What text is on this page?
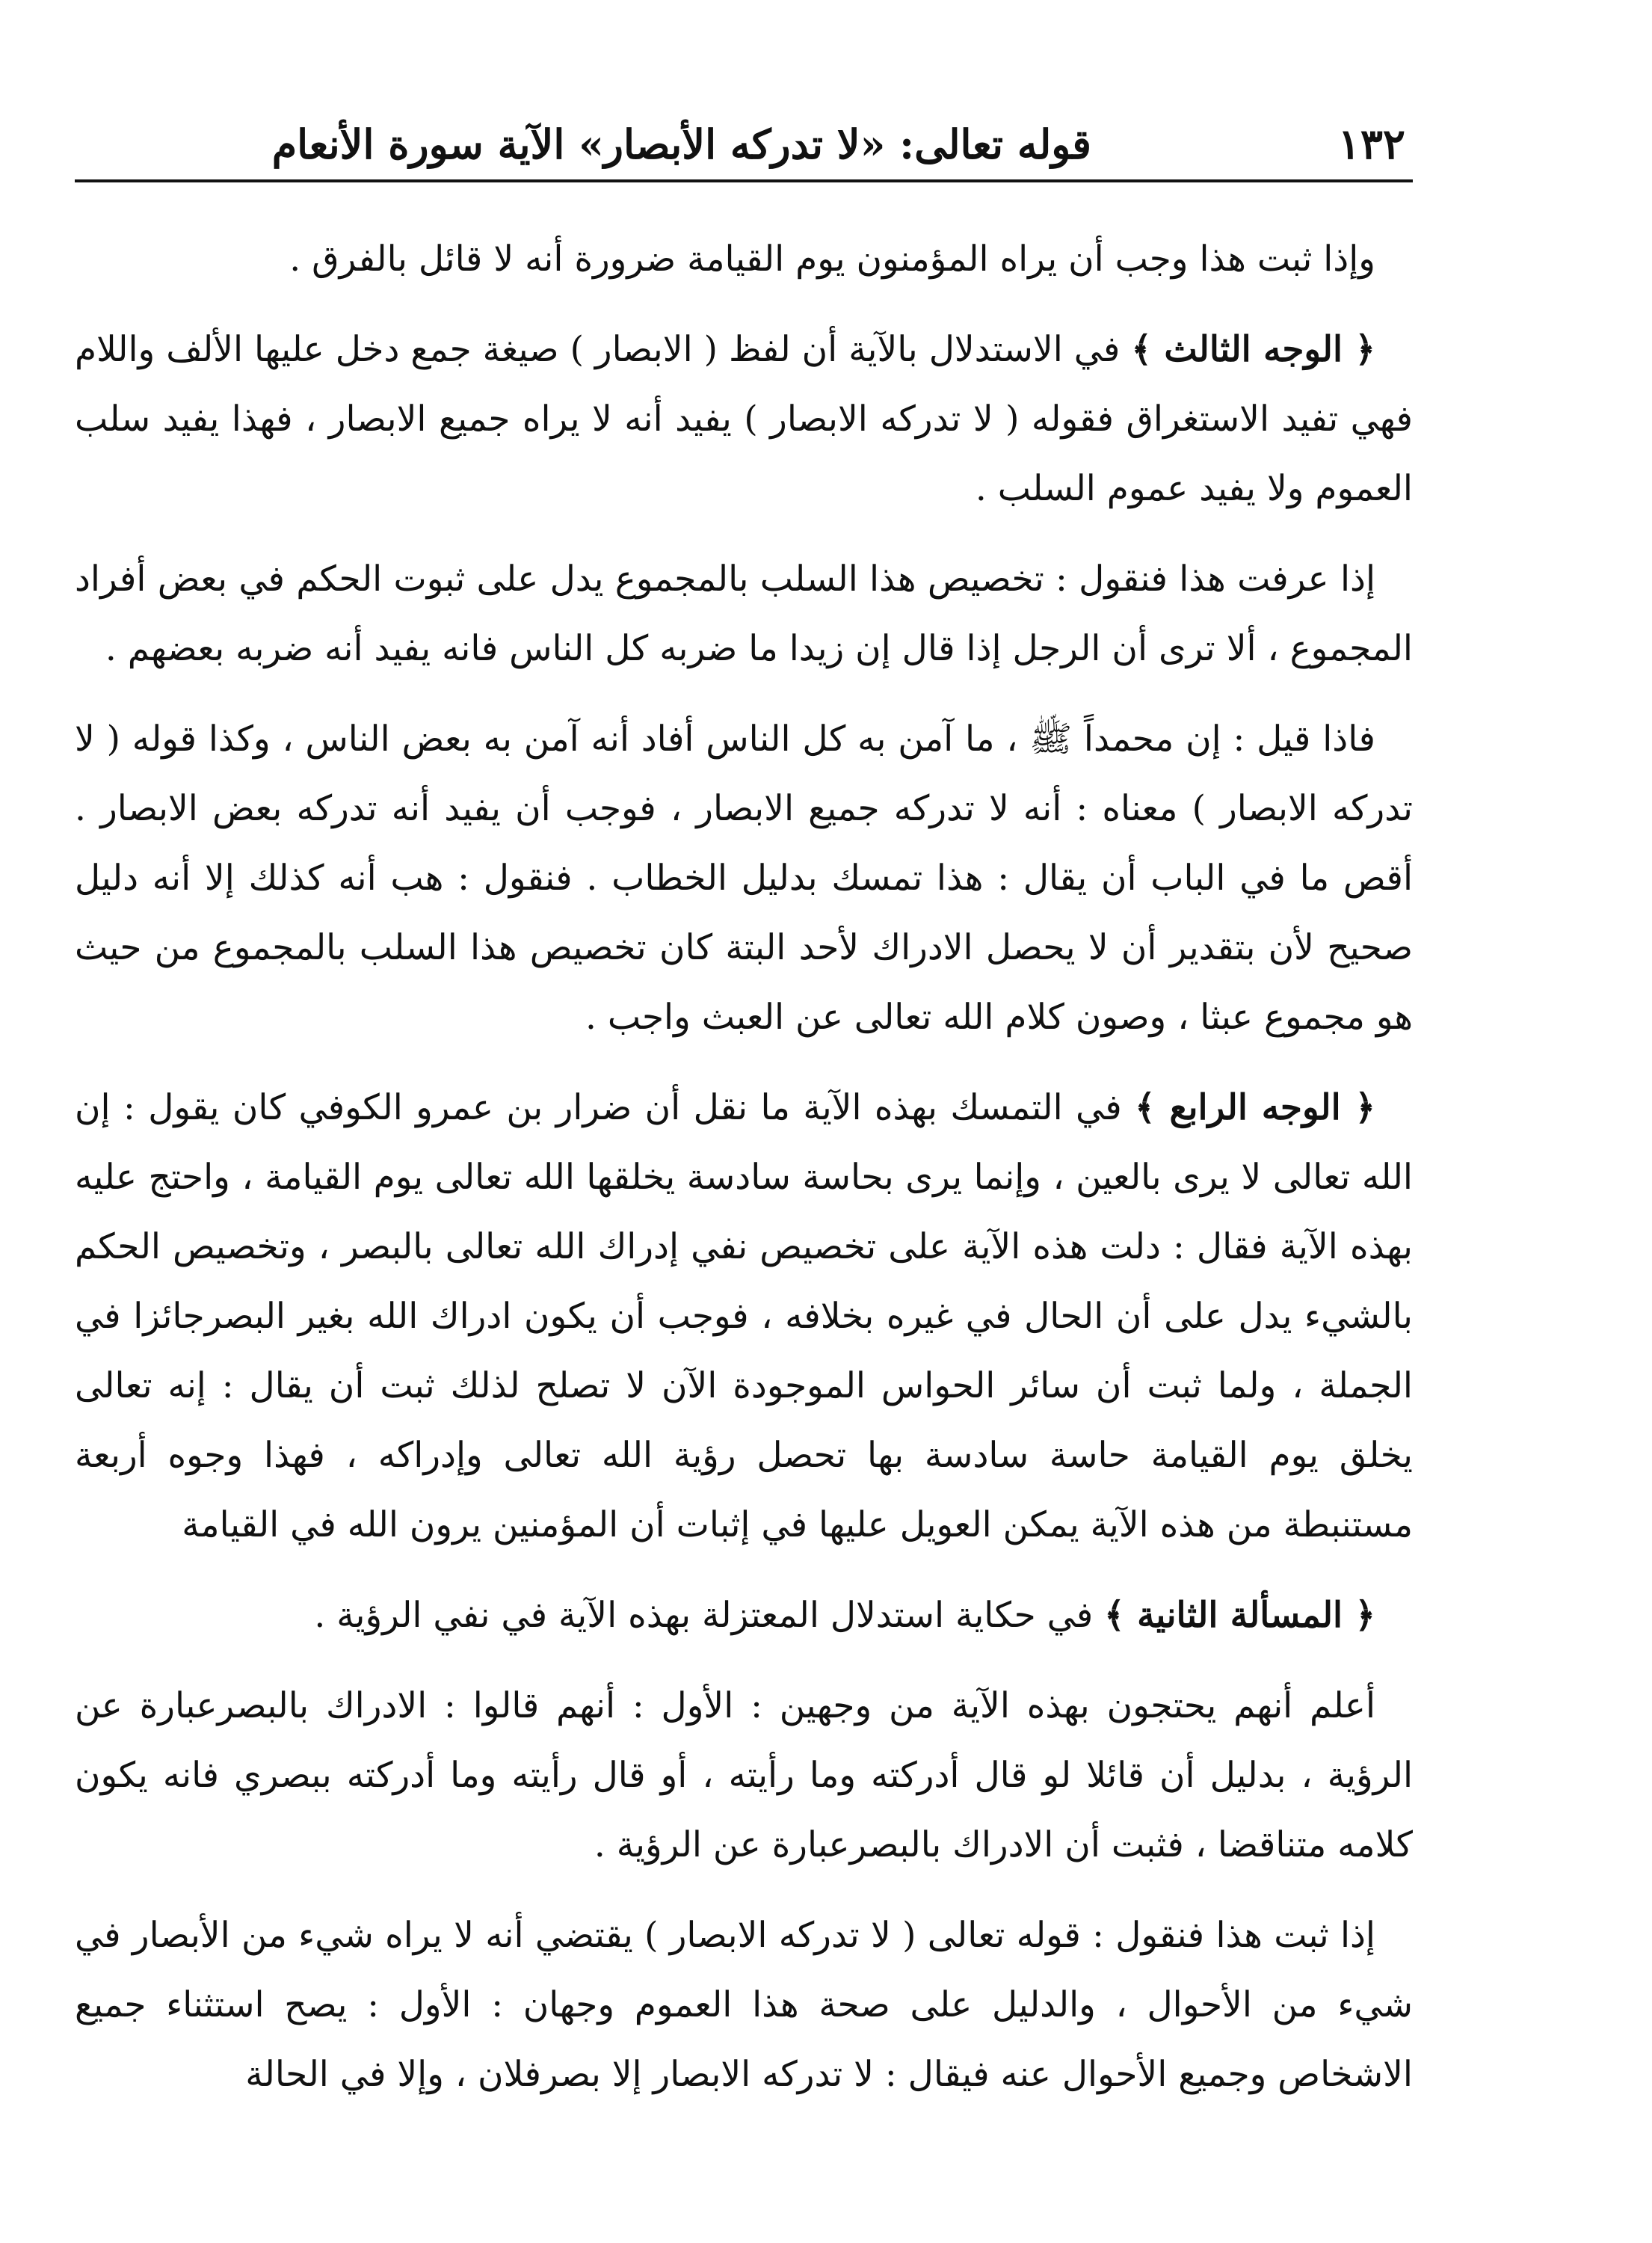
١٣٢
قوله تعالى: «لا تدركه الأبصار» الآية سورة الأنعام

وإذا ثبت هذا وجب أن يراه المؤمنون يوم القيامة ضرورة أنه لا قائل بالفرق .

﴿ الوجه الثالث ﴾ في الاستدلال بالآية أن لفظ ( الابصار ) صيغة جمع دخل عليها الألف واللام فهي تفيد الاستغراق فقوله ( لا تدركه الابصار ) يفيد أنه لا يراه جميع الابصار ، فهذا يفيد سلب العموم ولا يفيد عموم السلب .

إذا عرفت هذا فنقول : تخصيص هذا السلب بالمجموع يدل على ثبوت الحكم في بعض أفراد المجموع ، ألا ترى أن الرجل إذا قال إن زيدا ما ضربه كل الناس فانه يفيد أنه ضربه بعضهم .

فاذا قيل : إن محمداً ﷺ ، ما آمن به كل الناس أفاد أنه آمن به بعض الناس ، وكذا قوله ( لا تدركه الابصار ) معناه : أنه لا تدركه جميع الابصار ، فوجب أن يفيد أنه تدركه بعض الابصار . أقص ما في الباب أن يقال : هذا تمسك بدليل الخطاب . فنقول : هب أنه كذلك إلا أنه دليل صحيح لأن بتقدير أن لا يحصل الادراك لأحد البتة كان تخصيص هذا السلب بالمجموع من حيث هو مجموع عبثا ، وصون كلام الله تعالى عن العبث واجب .

﴿ الوجه الرابع ﴾ في التمسك بهذه الآية ما نقل أن ضرار بن عمرو الكوفي كان يقول : إن الله تعالى لا يرى بالعين ، وإنما يرى بحاسة سادسة يخلقها الله تعالى يوم القيامة ، واحتج عليه بهذه الآية فقال : دلت هذه الآية على تخصيص نفي إدراك الله تعالى بالبصر ، وتخصيص الحكم بالشيء يدل على أن الحال في غيره بخلافه ، فوجب أن يكون ادراك الله بغير البصرجائزا في الجملة ، ولما ثبت أن سائر الحواس الموجودة الآن لا تصلح لذلك ثبت أن يقال : إنه تعالى يخلق يوم القيامة حاسة سادسة بها تحصل رؤية الله تعالى وإدراكه ، فهذا وجوه أربعة مستنبطة من هذه الآية يمكن العويل عليها في إثبات أن المؤمنين يرون الله في القيامة

﴿ المسألة الثانية ﴾ في حكاية استدلال المعتزلة بهذه الآية في نفي الرؤية .

أعلم أنهم يحتجون بهذه الآية من وجهين : الأول : أنهم قالوا : الادراك بالبصرعبارة عن الرؤية ، بدليل أن قائلا لو قال أدركته وما رأيته ، أو قال رأيته وما أدركته ببصري فانه يكون كلامه متناقضا ، فثبت أن الادراك بالبصرعبارة عن الرؤية .

إذا ثبت هذا فنقول : قوله تعالى ( لا تدركه الابصار ) يقتضي أنه لا يراه شيء من الأبصار في شيء من الأحوال ، والدليل على صحة هذا العموم وجهان : الأول : يصح استثناء جميع الاشخاص وجميع الأحوال عنه فيقال : لا تدركه الابصار إلا بصرفلان ، وإلا في الحالة
